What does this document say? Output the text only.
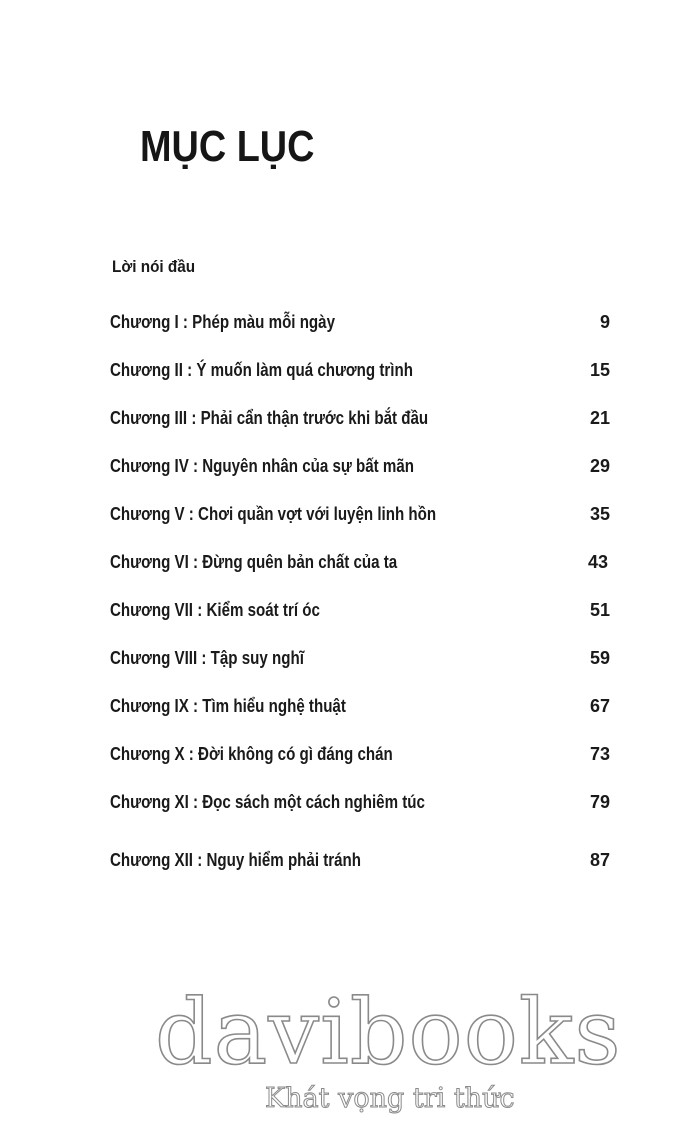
MỤC LỤC
Lời nói đầu
Chương I : Phép màu mỗi ngày	9
Chương II : Ý muốn làm quá chương trình	15
Chương III : Phải cẩn thận trước khi bắt đầu	21
Chương IV : Nguyên nhân của sự bất mãn	29
Chương V : Chơi quần vợt với luyện linh hồn	35
Chương VI : Đừng quên bản chất của ta	43
Chương VII : Kiểm soát trí óc	51
Chương VIII : Tập suy nghĩ	59
Chương IX : Tìm hiểu nghệ thuật	67
Chương X : Đời không có gì đáng chán	73
Chương XI : Đọc sách một cách nghiêm túc	79
Chương XII : Nguy hiểm phải tránh	87
davibooks
Khát vọng tri thức
